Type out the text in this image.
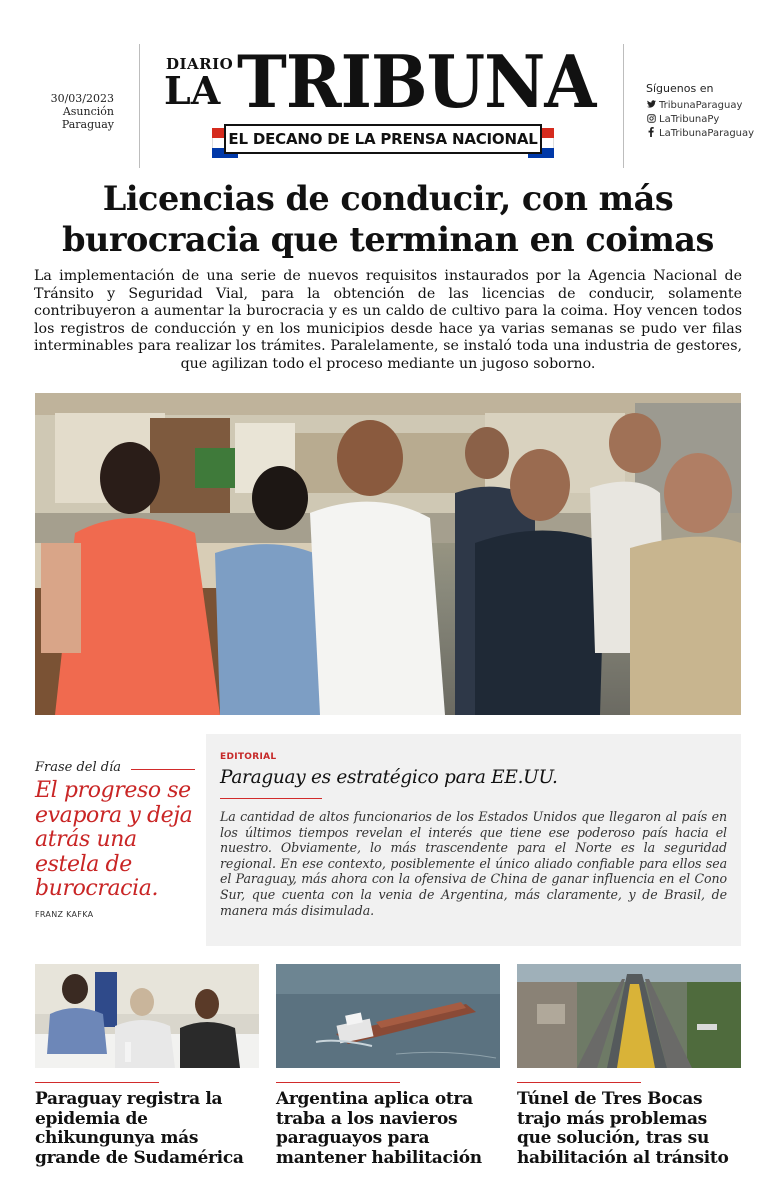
30/03/2023
Asunción
Paraguay
DIARIO
LA TRIBUNA
EL DECANO DE LA PRENSA NACIONAL
Síguenos en
TribunaParaguay
LaTribunaPy
LaTribunaParaguay
Licencias de conducir, con más burocracia que terminan en coimas

La implementación de una serie de nuevos requisitos instaurados por la Agencia Nacional de Tránsito y Seguridad Vial, para la obtención de las licencias de conducir, solamente contribuyeron a aumentar la burocracia y es un caldo de cultivo para la coima. Hoy vencen todos los registros de conducción y en los municipios desde hace ya varias semanas se pudo ver filas interminables para realizar los trámites. Paralelamente, se instaló toda una industria de gestores, que agilizan todo el proceso mediante un jugoso soborno.

Frase del día
El progreso se evapora y deja atrás una estela de burocracia.
FRANZ KAFKA
EDITORIAL
Paraguay es estratégico para EE.UU.
La cantidad de altos funcionarios de los Estados Unidos que llegaron al país en los últimos tiempos revelan el interés que tiene ese poderoso país hacia el nuestro. Obviamente, lo más trascendente para el Norte es la seguridad regional. En ese contexto, posiblemente el único aliado confiable para ellos sea el Paraguay, más ahora con la ofensiva de China de ganar influencia en el Cono Sur, que cuenta con la venia de Argentina, más claramente, y de Brasil, de manera más disimulada.
Paraguay registra la epidemia de chikungunya más grande de Sudamérica
Argentina aplica otra traba a los navieros paraguayos para mantener habilitación
Túnel de Tres Bocas trajo más problemas que solución, tras su habilitación al tránsito
